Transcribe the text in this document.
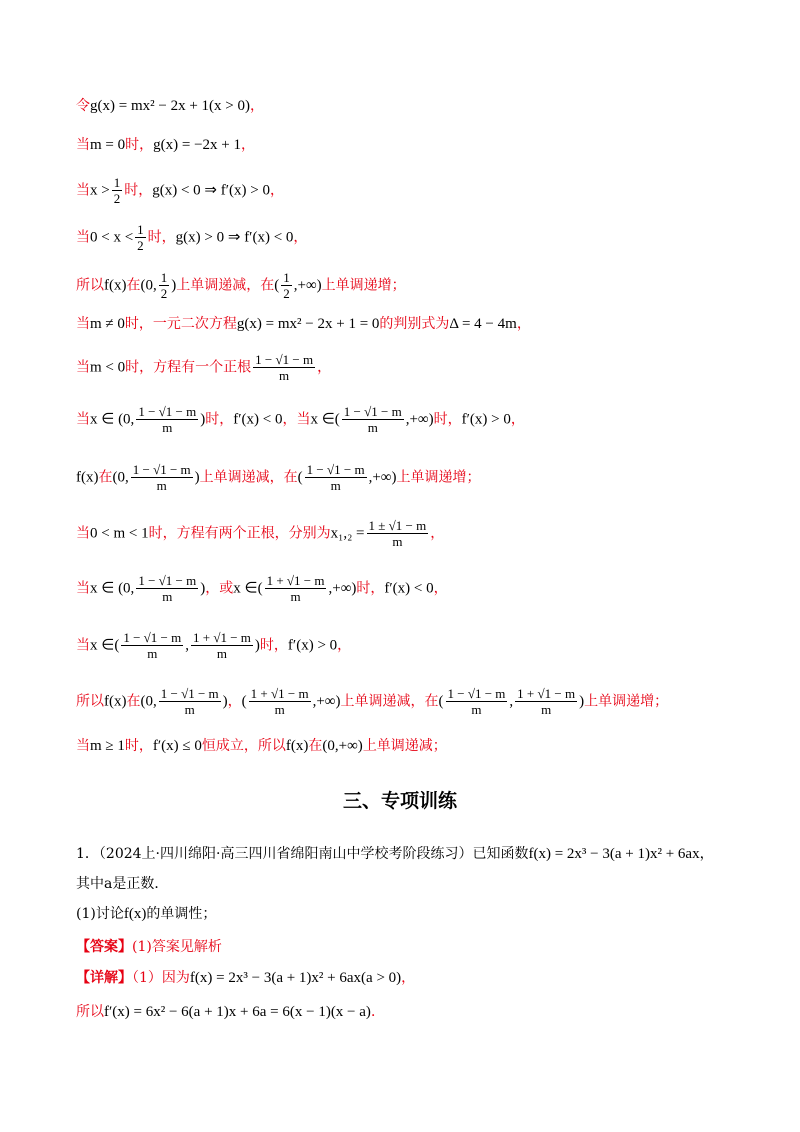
令g(x) = mx² − 2x + 1(x > 0)，
当m = 0时，g(x) = −2x + 1，
当$x > \frac{1}{2}$ 时，g(x) < 0 ⇒ f′(x) > 0，
当$0 < x < \frac{1}{2}$ 时，g(x) > 0 ⇒ f′(x) < 0，
所以f(x)在(0, $\frac{1}{2}$ )上单调递减，在( $\frac{1}{2}$ ,+∞)上单调递增；
当m ≠ 0时，一元二次方程g(x) = mx² − 2x + 1 = 0的判别式为Δ = 4 − 4m，
当m < 0时，方程有一个正根 $\frac{1 - √1 - m}{m}$ ，
当x ∈ (0, $\frac{1 - √1 - m}{m}$ )时，f′(x) < 0，当x ∈( $\frac{1 - √1 - m}{m}$ ,+∞)时，f′(x) > 0，
f(x)在(0, $\frac{1 - √1 - m}{m}$ )上单调递减，在( $\frac{1 - √1 - m}{m}$ ,+∞)上单调递增；
当0 < m < 1时，方程有两个正根，分别为$x_1,_2 = \frac{1 \pm √1 - m}{m}$ ，
当x ∈ (0, $\frac{1 - √1 - m}{m}$ )，或x ∈( $\frac{1 + √1 - m}{m}$ ,+∞)时，f′(x) < 0，
当x ∈( $\frac{1 - √1 - m}{m}$ , $\frac{1 + √1 - m}{m}$ )时，f′(x) > 0，
所以f(x)在(0, $\frac{1 - √1 - m}{m}$ )，( $\frac{1 + √1 - m}{m}$ ,+∞)上单调递减，在( $\frac{1 - √1 - m}{m}$ , $\frac{1 + √1 - m}{m}$ )上单调递增；
当m ≥ 1时，f′(x) ≤ 0恒成立，所以f(x)在(0,+∞)上单调递减；
三、专项训练
1．（2024上·四川绵阳·高三四川省绵阳南山中学校考阶段练习）已知函数f(x) = 2x³ − 3(a + 1)x² + 6ax，
其中a是正数．
(1)讨论f(x)的单调性；
【答案】(1)答案见解析
【详解】（1）因为f(x) = 2x³ − 3(a + 1)x² + 6ax(a > 0)，
所以f′(x) = 6x² − 6(a + 1)x + 6a = 6(x − 1)(x − a)．
